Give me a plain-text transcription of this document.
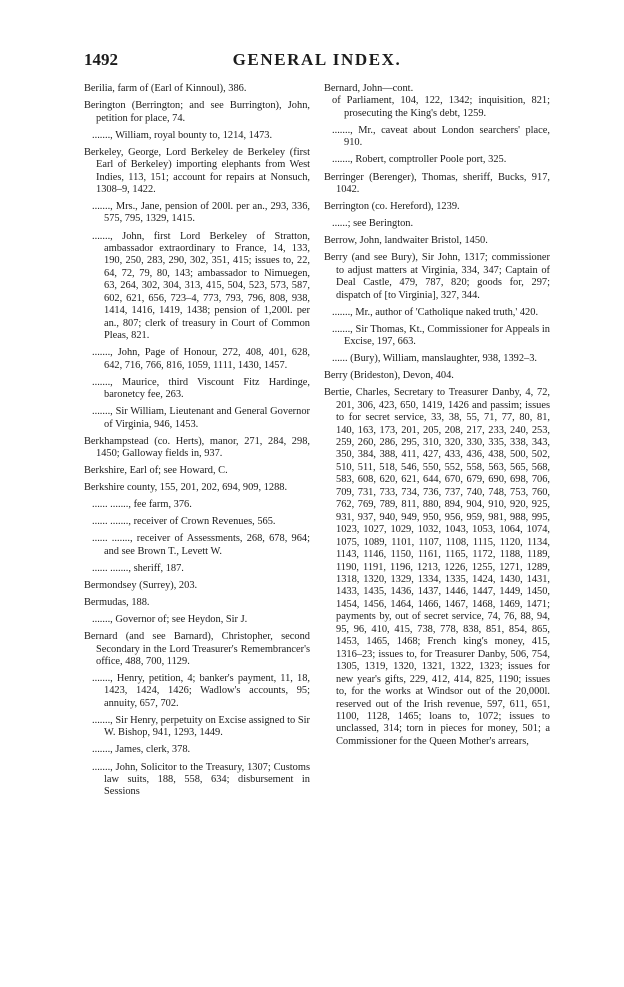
1492	GENERAL INDEX.

Berilia, farm of (Earl of Kinnoul), 386.

Berington (Berrington; and see Burrington), John, petition for place, 74.

......., William, royal bounty to, 1214, 1473.

Berkeley, George, Lord Berkeley de Berkeley (first Earl of Berkeley) importing elephants from West Indies, 113, 151; account for repairs at Nonsuch, 1308–9, 1422.

......., Mrs., Jane, pension of 200l. per an., 293, 336, 575, 795, 1329, 1415.

......., John, first Lord Berkeley of Stratton, ambassador extraordinary to France, 14, 133, 190, 250, 283, 290, 302, 351, 415; issues to, 22, 64, 72, 79, 80, 143; ambassador to Nimuegen, 63, 264, 302, 304, 313, 415, 504, 523, 573, 587, 602, 621, 656, 723–4, 773, 793, 796, 808, 938, 1414, 1416, 1419, 1438; pension of 1,200l. per an., 807; clerk of treasury in Court of Common Pleas, 821.

......., John, Page of Honour, 272, 408, 401, 628, 642, 716, 766, 816, 1059, 1111, 1430, 1457.

......., Maurice, third Viscount Fitz Hardinge, baronetcy fee, 263.

......., Sir William, Lieutenant and General Governor of Virginia, 946, 1453.

Berkhampstead (co. Herts), manor, 271, 284, 298, 1450; Galloway fields in, 937.

Berkshire, Earl of; see Howard, C.

Berkshire county, 155, 201, 202, 694, 909, 1288.

...... ......., fee farm, 376.

...... ......., receiver of Crown Revenues, 565.

...... ......., receiver of Assessments, 268, 678, 964; and see Brown T., Levett W.

...... ......., sheriff, 187.

Bermondsey (Surrey), 203.

Bermudas, 188.

......., Governor of; see Heydon, Sir J.

Bernard (and see Barnard), Christopher, second Secondary in the Lord Treasurer's Remembrancer's office, 488, 700, 1129.

......., Henry, petition, 4; banker's payment, 11, 18, 1423, 1424, 1426; Wadlow's accounts, 95; annuity, 657, 702.

......., Sir Henry, perpetuity on Excise assigned to Sir W. Bishop, 941, 1293, 1449.

......., James, clerk, 378.

......., John, Solicitor to the Treasury, 1307; Customs law suits, 188, 558, 634; disbursement in Sessions

Bernard, John—cont.

of Parliament, 104, 122, 1342; inquisition, 821; prosecuting the King's debt, 1259.

......., Mr., caveat about London searchers' place, 910.

......., Robert, comptroller Poole port, 325.

Berringer (Berenger), Thomas, sheriff, Bucks, 917, 1042.

Berrington (co. Hereford), 1239.

......; see Berington.

Berrow, John, landwaiter Bristol, 1450.

Berry (and see Bury), Sir John, 1317; commissioner to adjust matters at Virginia, 334, 347; Captain of Deal Castle, 479, 787, 820; goods for, 297; dispatch of [to Virginia], 327, 344.

......., Mr., author of 'Catholique naked truth,' 420.

......., Sir Thomas, Kt., Commissioner for Appeals in Excise, 197, 663.

...... (Bury), William, manslaughter, 938, 1392–3.

Berry (Brideston), Devon, 404.

Bertie, Charles, Secretary to Treasurer Danby, 4, 72, 201, 306, 423, 650, 1419, 1426 and passim; issues to for secret service, 33, 38, 55, 71, 77, 80, 81, 140, 163, 173, 201, 205, 208, 217, 233, 240, 253, 259, 260, 286, 295, 310, 320, 330, 335, 338, 343, 350, 384, 388, 411, 427, 433, 436, 438, 500, 502, 510, 511, 518, 546, 550, 552, 558, 563, 565, 568, 583, 608, 620, 621, 644, 670, 679, 690, 698, 706, 709, 731, 733, 734, 736, 737, 740, 748, 753, 760, 762, 769, 789, 811, 880, 894, 904, 910, 920, 925, 931, 937, 940, 949, 950, 956, 959, 981, 988, 995, 1023, 1027, 1029, 1032, 1043, 1053, 1064, 1074, 1075, 1089, 1101, 1107, 1108, 1115, 1120, 1134, 1143, 1146, 1150, 1161, 1165, 1172, 1188, 1189, 1190, 1191, 1196, 1213, 1226, 1255, 1271, 1289, 1318, 1320, 1329, 1334, 1335, 1424, 1430, 1431, 1433, 1435, 1436, 1437, 1446, 1447, 1449, 1450, 1454, 1456, 1464, 1466, 1467, 1468, 1469, 1471; payments by, out of secret service, 74, 76, 88, 94, 95, 96, 410, 415, 738, 778, 838, 851, 854, 865, 1453, 1465, 1468; French king's money, 415, 1316–23; issues to, for Treasurer Danby, 506, 754, 1305, 1319, 1320, 1321, 1322, 1323; issues for new year's gifts, 229, 412, 414, 825, 1190; issues to, for the works at Windsor out of the 20,000l. reserved out of the Irish revenue, 597, 611, 651, 1100, 1128, 1465; loans to, 1072; issues to unclassed, 314; torn in pieces for money, 501; a Commissioner for the Queen Mother's arrears,
